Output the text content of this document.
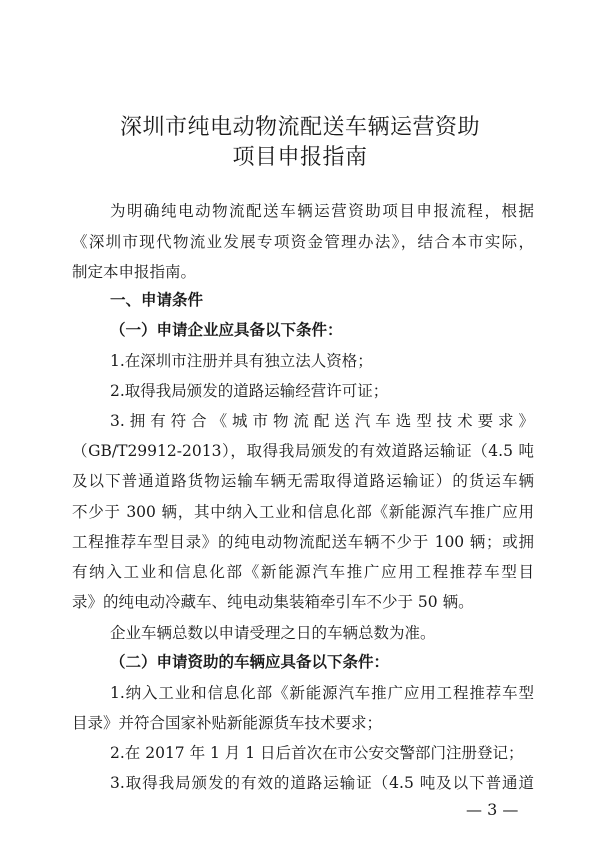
深圳市纯电动物流配送车辆运营资助
项目申报指南
为明确纯电动物流配送车辆运营资助项目申报流程，根据
《深圳市现代物流业发展专项资金管理办法》，结合本市实际，
制定本申报指南。
一、申请条件
（一）申请企业应具备以下条件：
1.在深圳市注册并具有独立法人资格；
2.取得我局颁发的道路运输经营许可证；
3.拥有符合《城市物流配送汽车选型技术要求》
（GB/T29912-2013），取得我局颁发的有效道路运输证（4.5 吨
及以下普通道路货物运输车辆无需取得道路运输证）的货运车辆
不少于 300 辆，其中纳入工业和信息化部《新能源汽车推广应用
工程推荐车型目录》的纯电动物流配送车辆不少于 100 辆；或拥
有纳入工业和信息化部《新能源汽车推广应用工程推荐车型目
录》的纯电动冷藏车、纯电动集装箱牵引车不少于 50 辆。
企业车辆总数以申请受理之日的车辆总数为准。
（二）申请资助的车辆应具备以下条件：
1.纳入工业和信息化部《新能源汽车推广应用工程推荐车型
目录》并符合国家补贴新能源货车技术要求；
2.在 2017 年 1 月 1 日后首次在市公安交警部门注册登记；
3.取得我局颁发的有效的道路运输证（4.5 吨及以下普通道
— 3 —
